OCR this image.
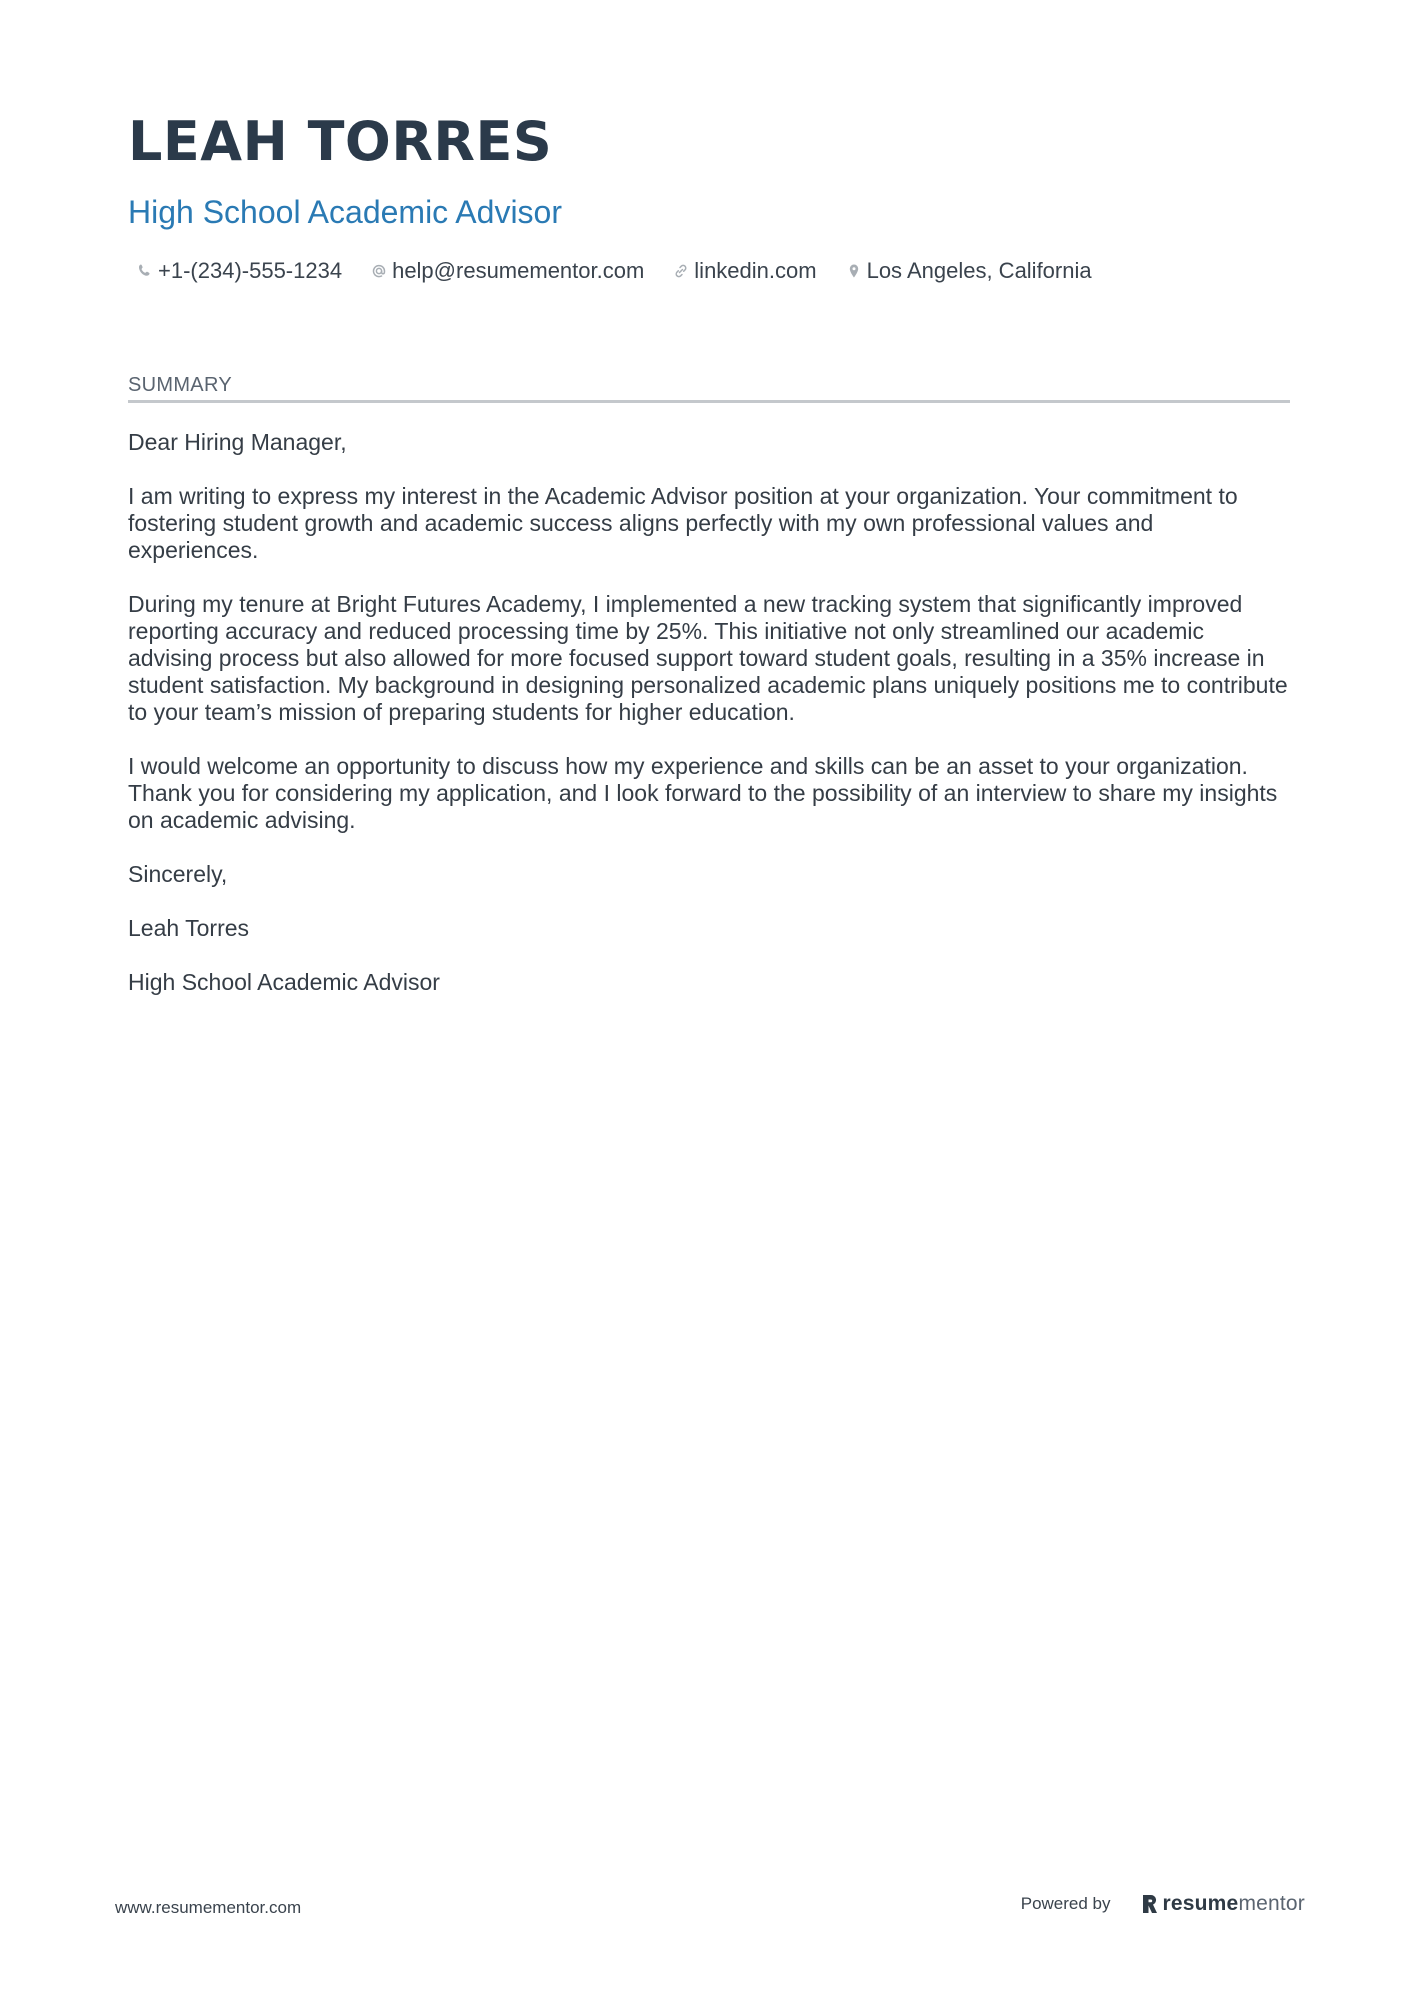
LEAH TORRES
High School Academic Advisor
+1-(234)-555-1234 help@resumementor.com linkedin.com Los Angeles, California
SUMMARY

Dear Hiring Manager,

I am writing to express my interest in the Academic Advisor position at your organization. Your commitment to fostering student growth and academic success aligns perfectly with my own professional values and experiences.

During my tenure at Bright Futures Academy, I implemented a new tracking system that significantly improved reporting accuracy and reduced processing time by 25%. This initiative not only streamlined our academic advising process but also allowed for more focused support toward student goals, resulting in a 35% increase in student satisfaction. My background in designing personalized academic plans uniquely positions me to contribute to your team’s mission of preparing students for higher education.

I would welcome an opportunity to discuss how my experience and skills can be an asset to your organization. Thank you for considering my application, and I look forward to the possibility of an interview to share my insights on academic advising.

Sincerely,

Leah Torres

High School Academic Advisor

www.resumementor.com	Powered by resume mentor
